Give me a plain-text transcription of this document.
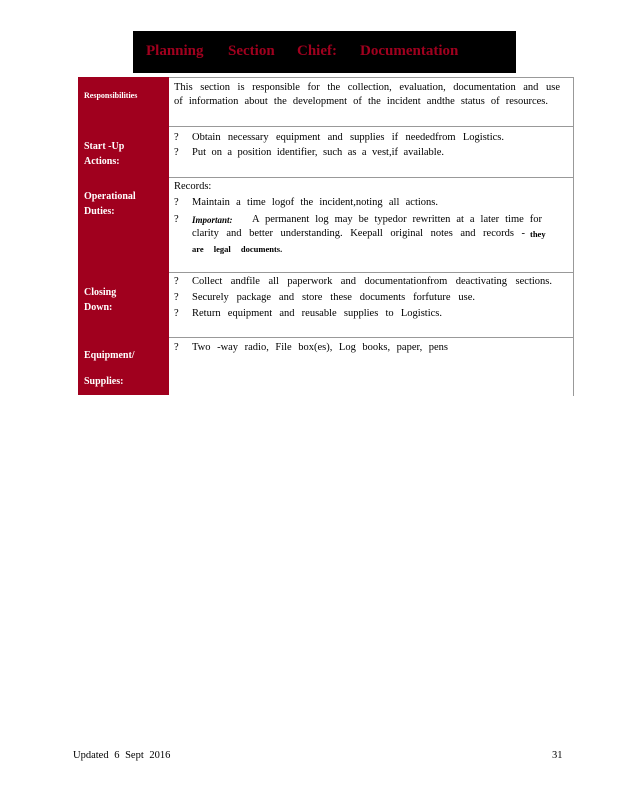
Planning Section Chief: Documentation
Responsibilities
Start -Up
Actions:
Operational
Duties:
Closing
Down:
Equipment/
Supplies:
This section is responsible for the collection, evaluation, documentation and use
of information about the development of the incident andthe status of resources.
? Obtain necessary equipment and supplies if neededfrom Logistics.
? Put on a position identifier, such as a vest,if available.
Records:
? Maintain a time logof the incident,noting all actions.
? Important: A permanent log may be typedor rewritten at a later time for
clarity and better understanding. Keepall original notes and records - they
are legal documents.
? Collect andfile all paperwork and documentationfrom deactivating sections.
? Securely package and store these documents forfuture use.
? Return equipment and reusable supplies to Logistics.
? Two -way radio, File box(es), Log books, paper, pens
Updated 6 Sept 2016	31
